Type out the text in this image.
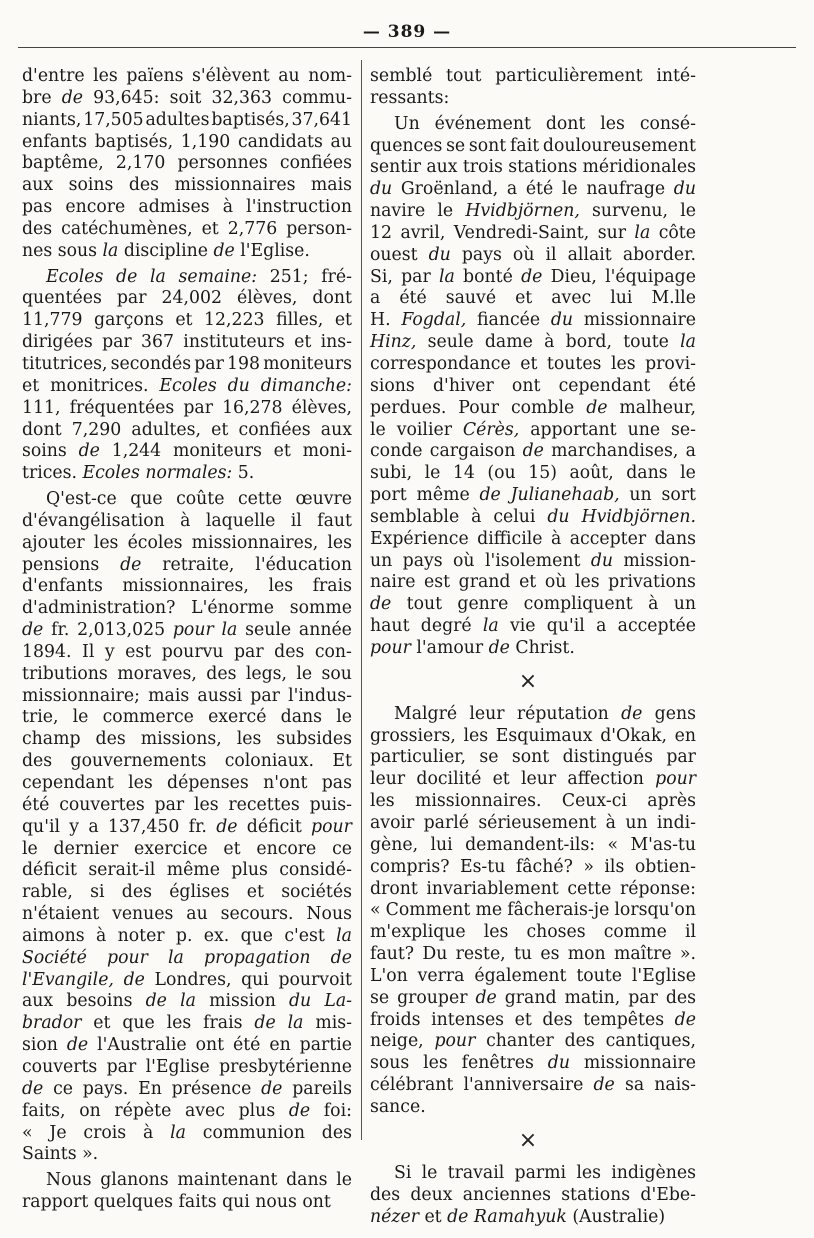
— 389 —
d'entre les païens s'élèvent au nom-
bre de 93,645: soit 32,363 commu-
niants, 17,505 adultes baptisés, 37,641
enfants baptisés, 1,190 candidats au
baptême, 2,170 personnes confiées
aux soins des missionnaires mais
pas encore admises à l'instruction
des catéchumènes, et 2,776 person-
nes sous la discipline de l'Eglise.
Ecoles de la semaine: 251; fré-
quentées par 24,002 élèves, dont
11,779 garçons et 12,223 filles, et
dirigées par 367 instituteurs et ins-
titutrices, secondés par 198 moniteurs
et monitrices. Ecoles du dimanche:
111, fréquentées par 16,278 élèves,
dont 7,290 adultes, et confiées aux
soins de 1,244 moniteurs et moni-
trices. Ecoles normales: 5.
Q'est-ce que coûte cette œuvre
d'évangélisation à laquelle il faut
ajouter les écoles missionnaires, les
pensions de retraite, l'éducation
d'enfants missionnaires, les frais
d'administration? L'énorme somme
de fr. 2,013,025 pour la seule année
1894. Il y est pourvu par des con-
tributions moraves, des legs, le sou
missionnaire; mais aussi par l'indus-
trie, le commerce exercé dans le
champ des missions, les subsides
des gouvernements coloniaux. Et
cependant les dépenses n'ont pas
été couvertes par les recettes puis-
qu'il y a 137,450 fr. de déficit pour
le dernier exercice et encore ce
déficit serait-il même plus considé-
rable, si des églises et sociétés
n'étaient venues au secours. Nous
aimons à noter p. ex. que c'est la
Société pour la propagation de
l'Evangile, de Londres, qui pourvoit
aux besoins de la mission du La-
brador et que les frais de la mis-
sion de l'Australie ont été en partie
couverts par l'Eglise presbytérienne
de ce pays. En présence de pareils
faits, on répète avec plus de foi:
« Je crois à la communion des
Saints ».
Nous glanons maintenant dans le
rapport quelques faits qui nous ont
semblé tout particulièrement inté-
ressants:
Un événement dont les consé-
quences se sont fait douloureusement
sentir aux trois stations méridionales
du Groënland, a été le naufrage du
navire le Hvidbjörnen, survenu, le
12 avril, Vendredi-Saint, sur la côte
ouest du pays où il allait aborder.
Si, par la bonté de Dieu, l'équipage
a été sauvé et avec lui M.lle
H. Fogdal, fiancée du missionnaire
Hinz, seule dame à bord, toute la
correspondance et toutes les provi-
sions d'hiver ont cependant été
perdues. Pour comble de malheur,
le voilier Cérès, apportant une se-
conde cargaison de marchandises, a
subi, le 14 (ou 15) août, dans le
port même de Julianehaab, un sort
semblable à celui du Hvidbjörnen.
Expérience difficile à accepter dans
un pays où l'isolement du mission-
naire est grand et où les privations
de tout genre compliquent à un
haut degré la vie qu'il a acceptée
pour l'amour de Christ.
×
Malgré leur réputation de gens
grossiers, les Esquimaux d'Okak, en
particulier, se sont distingués par
leur docilité et leur affection pour
les missionnaires. Ceux-ci après
avoir parlé sérieusement à un indi-
gène, lui demandent-ils: « M'as-tu
compris? Es-tu fâché? » ils obtien-
dront invariablement cette réponse:
« Comment me fâcherais-je lorsqu'on
m'explique les choses comme il
faut? Du reste, tu es mon maître ».
L'on verra également toute l'Eglise
se grouper de grand matin, par des
froids intenses et des tempêtes de
neige, pour chanter des cantiques,
sous les fenêtres du missionnaire
célébrant l'anniversaire de sa nais-
sance.
×
Si le travail parmi les indigènes
des deux anciennes stations d'Ebe-
nézer et de Ramahyuk (Australie)
